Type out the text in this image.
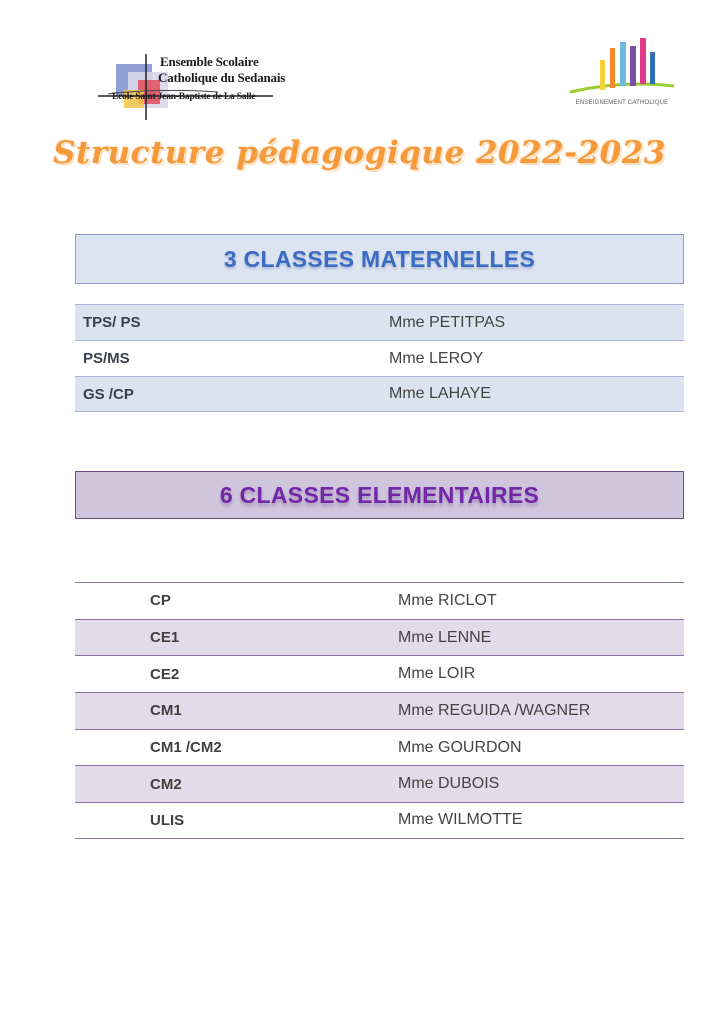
Ensemble Scolaire
Catholique du Sedanais
Ecole Saint Jean-Baptiste de La Salle
ENSEIGNEMENT CATHOLIQUE
Structure pédagogique 2022-2023
3 CLASSES MATERNELLES
TPS/ PS	Mme PETITPAS
PS/MS	Mme LEROY
GS /CP	Mme LAHAYE
6 CLASSES ELEMENTAIRES
CP	Mme RICLOT
CE1	Mme LENNE
CE2	Mme LOIR
CM1	Mme REGUIDA /WAGNER
CM1 /CM2	Mme GOURDON
CM2	Mme DUBOIS
ULIS	Mme WILMOTTE
